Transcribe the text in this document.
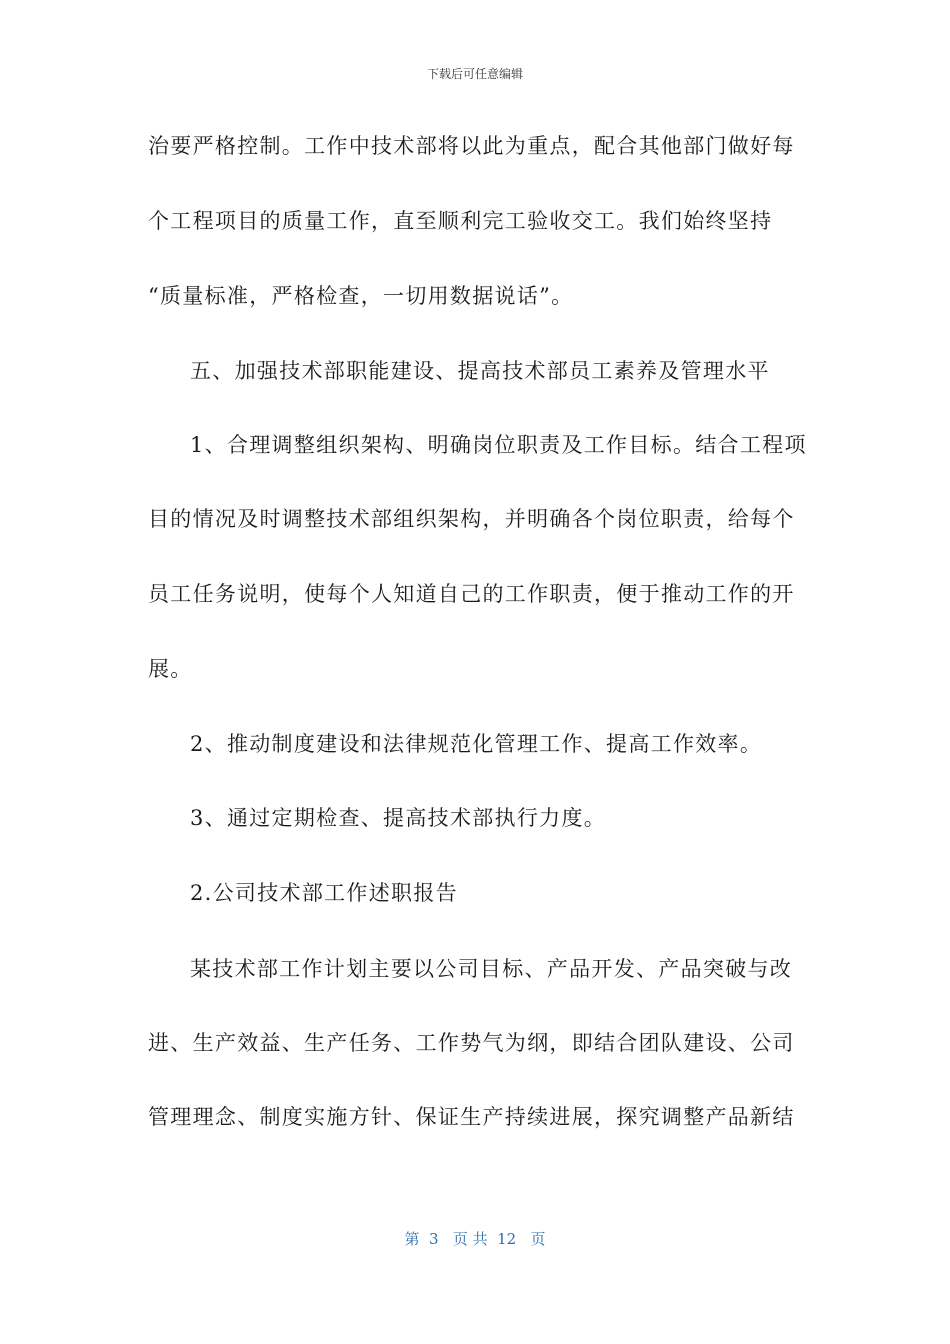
下载后可任意编辑
治要严格控制。工作中技术部将以此为重点，配合其他部门做好每
个工程项目的质量工作，直至顺利完工验收交工。我们始终坚持
“质量标准，严格检查，一切用数据说话”。
五、加强技术部职能建设、提高技术部员工素养及管理水平
1、合理调整组织架构、明确岗位职责及工作目标。结合工程项
目的情况及时调整技术部组织架构，并明确各个岗位职责，给每个
员工任务说明，使每个人知道自己的工作职责，便于推动工作的开
展。
2、推动制度建设和法律规范化管理工作、提高工作效率。
3、通过定期检查、提高技术部执行力度。
2.公司技术部工作述职报告
某技术部工作计划主要以公司目标、产品开发、产品突破与改
进、生产效益、生产任务、工作势气为纲，即结合团队建设、公司
管理理念、制度实施方针、保证生产持续进展，探究调整产品新结
第  3   页 共  12   页
